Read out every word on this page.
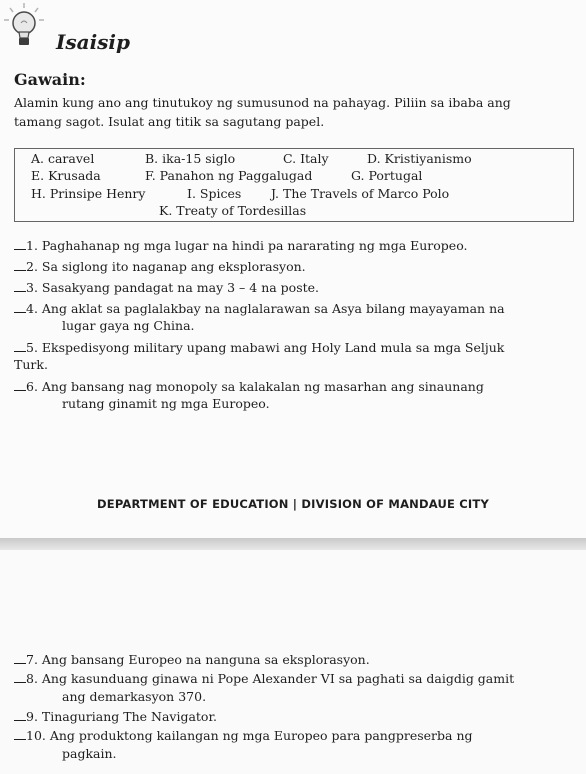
Isaisip
Gawain:
Alamin kung ano ang tinutukoy ng sumusunod na pahayag. Piliin sa ibaba ang
tamang sagot. Isulat ang titik sa sagutang papel.
A. caravel	B. ika-15 siglo	C. Italy	D. Kristiyanismo
E. Krusada	F. Panahon ng Paggalugad	G. Portugal
H. Prinsipe Henry	I. Spices J. The Travels of Marco Polo
K. Treaty of Tordesillas
1. Paghahanap ng mga lugar na hindi pa nararating ng mga Europeo.
2. Sa siglong ito naganap ang eksplorasyon.
3. Sasakyang pandagat na may 3 – 4 na poste.
4. Ang aklat sa paglalakbay na naglalarawan sa Asya bilang mayayaman na
lugar gaya ng China.
5. Ekspedisyong military upang mabawi ang Holy Land mula sa mga Seljuk
Turk.
6. Ang bansang nag monopoly sa kalakalan ng masarhan ang sinaunang
rutang ginamit ng mga Europeo.
DEPARTMENT OF EDUCATION | DIVISION OF MANDAUE CITY
7. Ang bansang Europeo na nanguna sa eksplorasyon.
8. Ang kasunduang ginawa ni Pope Alexander VI sa paghati sa daigdig gamit
ang demarkasyon 370.
9. Tinaguriang The Navigator.
10. Ang produktong kailangan ng mga Europeo para pangpreserba ng
pagkain.
